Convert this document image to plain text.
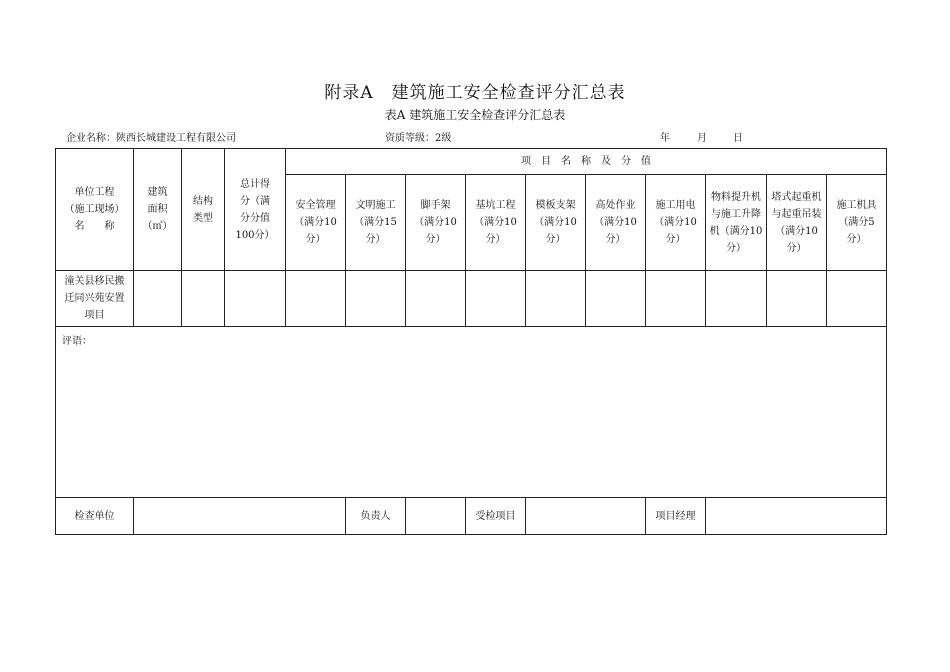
附录A　建筑施工安全检查评分汇总表
表A 建筑施工安全检查评分汇总表
企业名称：陕西长城建设工程有限公司	资质等级：2级	年	月	日
单位工程
（施工现场）
名　　称	建筑
面积
（㎡）	结构
类型	总计得
分（满
分分值
100分）	项　目　名　称　及　分　值									
				安全管理
（满分10
分）	文明施工
（满分15
分）	脚手架
（满分10
分）	基坑工程
（满分10
分）	模板支架
（满分10
分）	高处作业
（满分10
分）	施工用电
（满分10
分）	物料提升机
与施工升降
机（满分10
分）	塔式起重机
与起重吊装
（满分10
分）	施工机具
（满分5
分）
潼关县移民搬
迁同兴苑安置
项目													
评语：													
检查单位					负责人		受检项目			项目经理			
